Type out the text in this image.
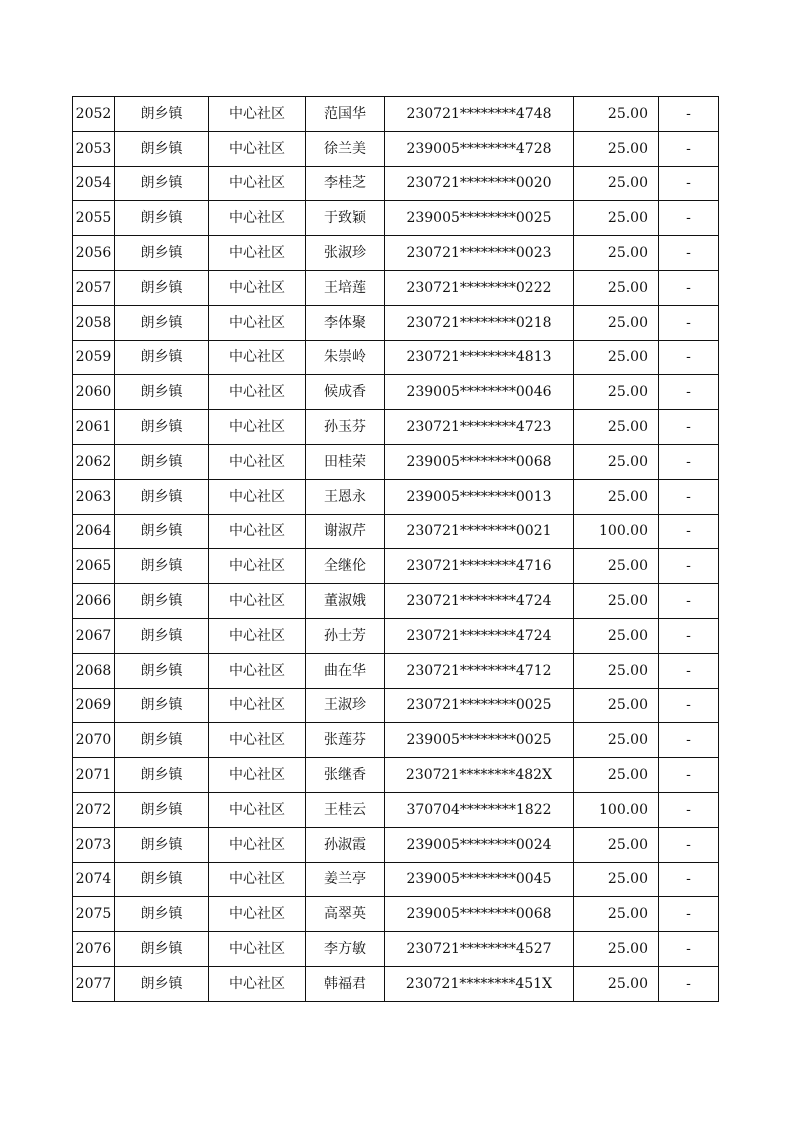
2052	朗乡镇	中心社区	范国华	230721********4748	25.00	-
2053	朗乡镇	中心社区	徐兰美	239005********4728	25.00	-
2054	朗乡镇	中心社区	李桂芝	230721********0020	25.00	-
2055	朗乡镇	中心社区	于致颖	239005********0025	25.00	-
2056	朗乡镇	中心社区	张淑珍	230721********0023	25.00	-
2057	朗乡镇	中心社区	王培莲	230721********0222	25.00	-
2058	朗乡镇	中心社区	李体聚	230721********0218	25.00	-
2059	朗乡镇	中心社区	朱崇岭	230721********4813	25.00	-
2060	朗乡镇	中心社区	候成香	239005********0046	25.00	-
2061	朗乡镇	中心社区	孙玉芬	230721********4723	25.00	-
2062	朗乡镇	中心社区	田桂荣	239005********0068	25.00	-
2063	朗乡镇	中心社区	王恩永	239005********0013	25.00	-
2064	朗乡镇	中心社区	谢淑芹	230721********0021	100.00	-
2065	朗乡镇	中心社区	全继伦	230721********4716	25.00	-
2066	朗乡镇	中心社区	董淑娥	230721********4724	25.00	-
2067	朗乡镇	中心社区	孙士芳	230721********4724	25.00	-
2068	朗乡镇	中心社区	曲在华	230721********4712	25.00	-
2069	朗乡镇	中心社区	王淑珍	230721********0025	25.00	-
2070	朗乡镇	中心社区	张莲芬	239005********0025	25.00	-
2071	朗乡镇	中心社区	张继香	230721********482X	25.00	-
2072	朗乡镇	中心社区	王桂云	370704********1822	100.00	-
2073	朗乡镇	中心社区	孙淑霞	239005********0024	25.00	-
2074	朗乡镇	中心社区	姜兰亭	239005********0045	25.00	-
2075	朗乡镇	中心社区	高翠英	239005********0068	25.00	-
2076	朗乡镇	中心社区	李方敏	230721********4527	25.00	-
2077	朗乡镇	中心社区	韩福君	230721********451X	25.00	-
